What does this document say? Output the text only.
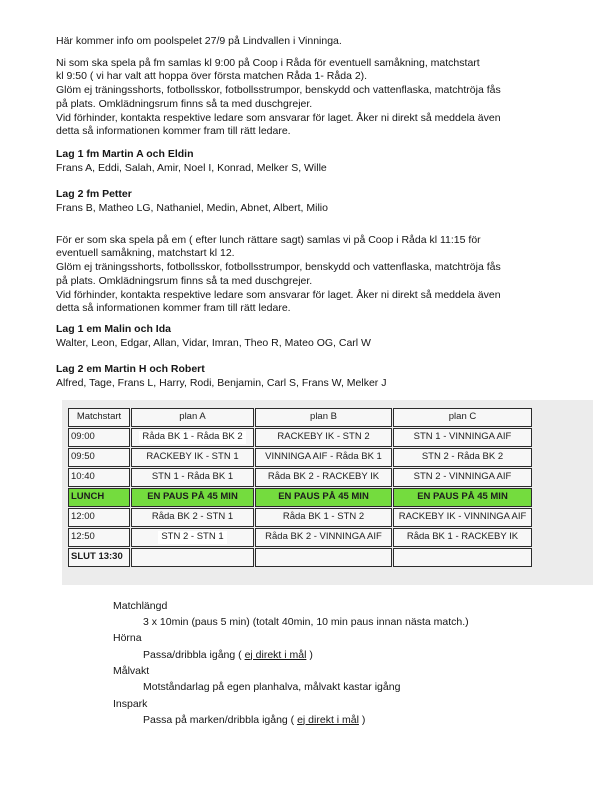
Här kommer info om poolspelet 27/9 på Lindvallen i Vinninga.
Ni som ska spela på fm samlas kl 9:00 på Coop i Råda för eventuell samåkning, matchstart
kl 9:50 ( vi har valt att hoppa över första matchen Råda 1- Råda 2).
Glöm ej träningsshorts, fotbollsskor, fotbollsstrumpor, benskydd och vattenflaska, matchtröja fås
på plats. Omklädningsrum finns så ta med duschgrejer.
Vid förhinder, kontakta respektive ledare som ansvarar för laget. Åker ni direkt så meddela även
detta så informationen kommer fram till rätt ledare.
Lag 1 fm Martin A och Eldin
Frans A, Eddi, Salah, Amir, Noel I, Konrad, Melker S, Wille
Lag 2 fm Petter
Frans B, Matheo LG, Nathaniel, Medin, Abnet, Albert, Milio
För er som ska spela på em ( efter lunch rättare sagt) samlas vi på Coop i Råda kl 11:15 för
eventuell samåkning, matchstart kl 12.
Glöm ej träningsshorts, fotbollsskor, fotbollsstrumpor, benskydd och vattenflaska, matchtröja fås
på plats. Omklädningsrum finns så ta med duschgrejer.
Vid förhinder, kontakta respektive ledare som ansvarar för laget. Åker ni direkt så meddela även
detta så informationen kommer fram till rätt ledare.
Lag 1 em Malin och Ida
Walter, Leon, Edgar, Allan, Vidar, Imran, Theo R, Mateo OG, Carl W
Lag 2 em Martin H och Robert
Alfred, Tage, Frans L, Harry, Rodi, Benjamin, Carl S, Frans W, Melker J
Matchstart	plan A	plan B	plan C
09:00	Råda BK 1 - Råda BK 2	RACKEBY IK - STN 2	STN 1 - VINNINGA AIF
09:50	RACKEBY IK - STN 1	VINNINGA AIF - Råda BK 1	STN 2 - Råda BK 2
10:40	STN 1 - Råda BK 1	Råda BK 2 - RACKEBY IK	STN 2 - VINNINGA AIF
LUNCH	EN PAUS PÅ 45 MIN	EN PAUS PÅ 45 MIN	EN PAUS PÅ 45 MIN
12:00	Råda BK 2 - STN 1	Råda BK 1 - STN 2	RACKEBY IK - VINNINGA AIF
12:50	STN 2 - STN 1	Råda BK 2 - VINNINGA AIF	Råda BK 1 - RACKEBY IK
SLUT 13:30			
Matchlängd
3 x 10min (paus 5 min) (totalt 40min, 10 min paus innan nästa match.)
Hörna
Passa/dribbla igång ( ej direkt i mål )
Målvakt
Motståndarlag på egen planhalva, målvakt kastar igång
Inspark
Passa på marken/dribbla igång ( ej direkt i mål )
